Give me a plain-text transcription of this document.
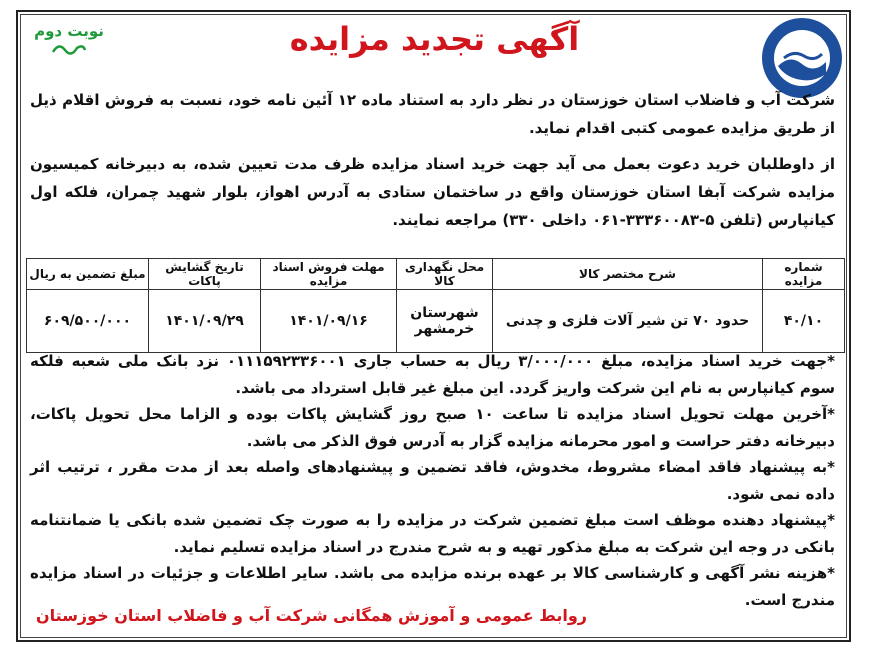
نوبت دوم	آگهی تجدید مزایده
شرکت آب و فاضلاب استان خوزستان در نظر دارد به استناد ماده ۱۲ آئین نامه خود، نسبت به فروش اقلام ذیل از طریق مزایده عمومی کتبی اقدام نماید.
از داوطلبان خرید دعوت بعمل می آید جهت خرید اسناد مزایده ظرف مدت تعیین شده، به دبیرخانه کمیسیون مزایده شرکت آبفا استان خوزستان واقع در ساختمان ستادی به آدرس اهواز، بلوار شهید چمران، فلکه اول کیانپارس (تلفن ۵-۳۳۳۶۰۰۸۳-۰۶۱ داخلی ۳۳۰) مراجعه نمایند.
شماره مزایده	شرح مختصر کالا	محل نگهداری کالا	مهلت فروش اسناد مزایده	تاریخ گشایش پاکات	مبلغ تضمین به ریال
۴۰/۱۰	حدود ۷۰ تن شیر آلات فلزی و چدنی	شهرستان خرمشهر	۱۴۰۱/۰۹/۱۶	۱۴۰۱/۰۹/۲۹	۶۰۹/۵۰۰/۰۰۰

*جهت خرید اسناد مزایده، مبلغ ۳/۰۰۰/۰۰۰ ریال به حساب جاری ۰۱۱۱۵۹۲۳۳۶۰۰۱ نزد بانک ملی شعبه فلکه سوم کیانپارس به نام این شرکت واریز گردد. این مبلغ غیر قابل استرداد می باشد.

*آخرین مهلت تحویل اسناد مزایده تا ساعت ۱۰ صبح روز گشایش پاکات بوده و الزاما محل تحویل پاکات، دبیرخانه دفتر حراست و امور محرمانه مزایده گزار به آدرس فوق الذکر می باشد.

*به پیشنهاد فاقد امضاء مشروط، مخدوش، فاقد تضمین و پیشنهادهای واصله بعد از مدت مقرر ، ترتیب اثر داده نمی شود.

*پیشنهاد دهنده موظف است مبلغ تضمین شرکت در مزایده را به صورت چک تضمین شده بانکی یا ضمانتنامه بانکی در وجه این شرکت به مبلغ مذکور تهیه و به شرح مندرج در اسناد مزایده تسلیم نماید.

*هزینه نشر آگهی و کارشناسی کالا بر عهده برنده مزایده می باشد. سایر اطلاعات و جزئیات در اسناد مزایده مندرج است.

روابط عمومی و آموزش همگانی شرکت آب و فاضلاب استان خوزستان
